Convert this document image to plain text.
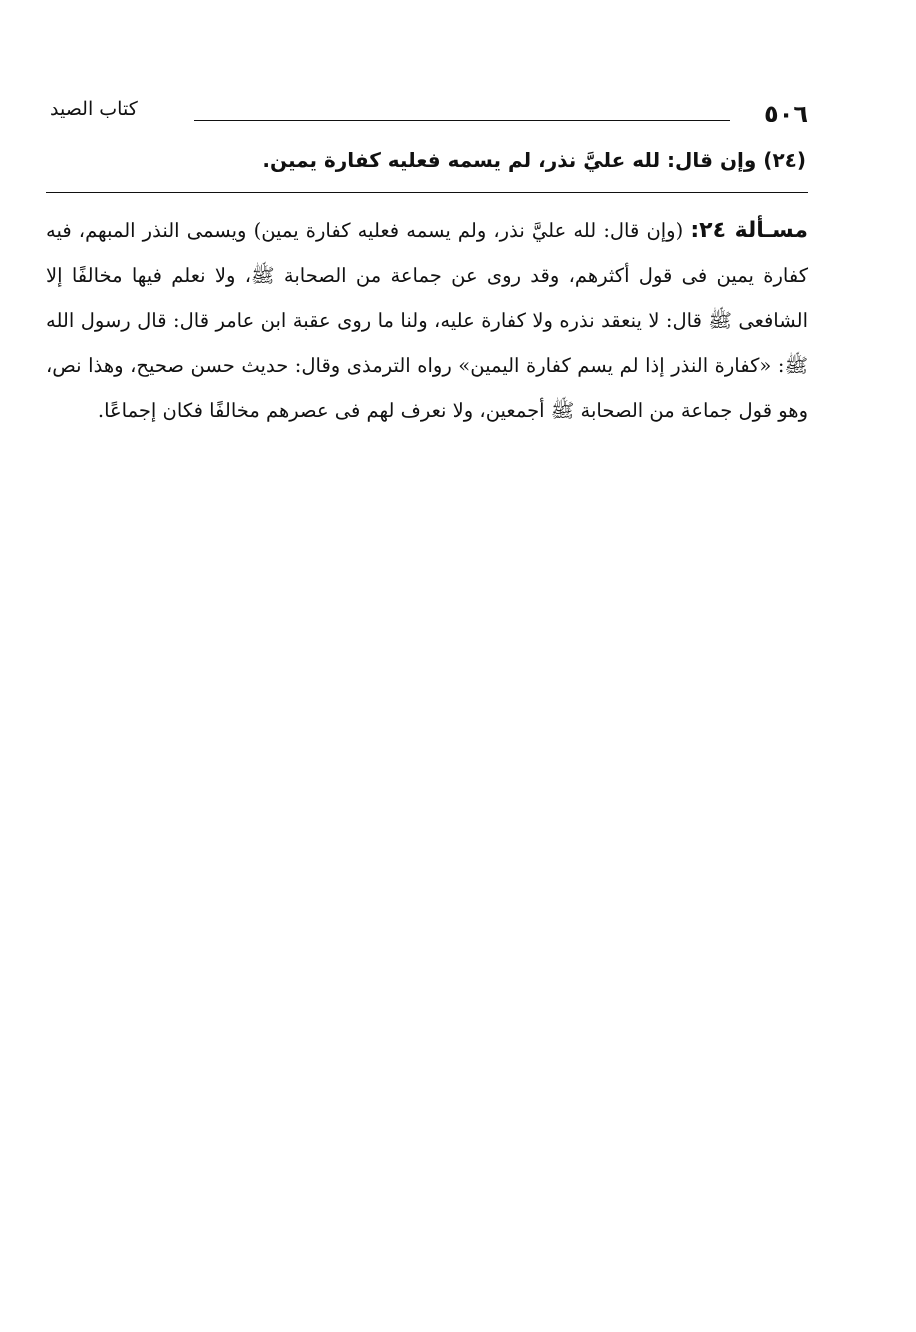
٥٠٦
كتاب الصيد
(٢٤) وإن قال: لله عليَّ نذر، لم يسمه فعليه كفارة يمين.
مسـألة ٢٤: (وإن قال: لله عليَّ نذر، ولم يسمه فعليه كفارة يمين) ويسمى النذر المبهم، فيه كفارة يمين فى قول أكثرهم، وقد روى عن جماعة من الصحابة ﷺ، ولا نعلم فيها مخالفًا إلا الشافعى ﷺ قال: لا ينعقد نذره ولا كفارة عليه، ولنا ما روى عقبة ابن عامر قال: قال رسول الله ﷺ: «كفارة النذر إذا لم يسم كفارة اليمين» رواه الترمذى وقال: حديث حسن صحيح، وهذا نص، وهو قول جماعة من الصحابة ﷺ أجمعين، ولا نعرف لهم فى عصرهم مخالفًا فكان إجماعًا.
